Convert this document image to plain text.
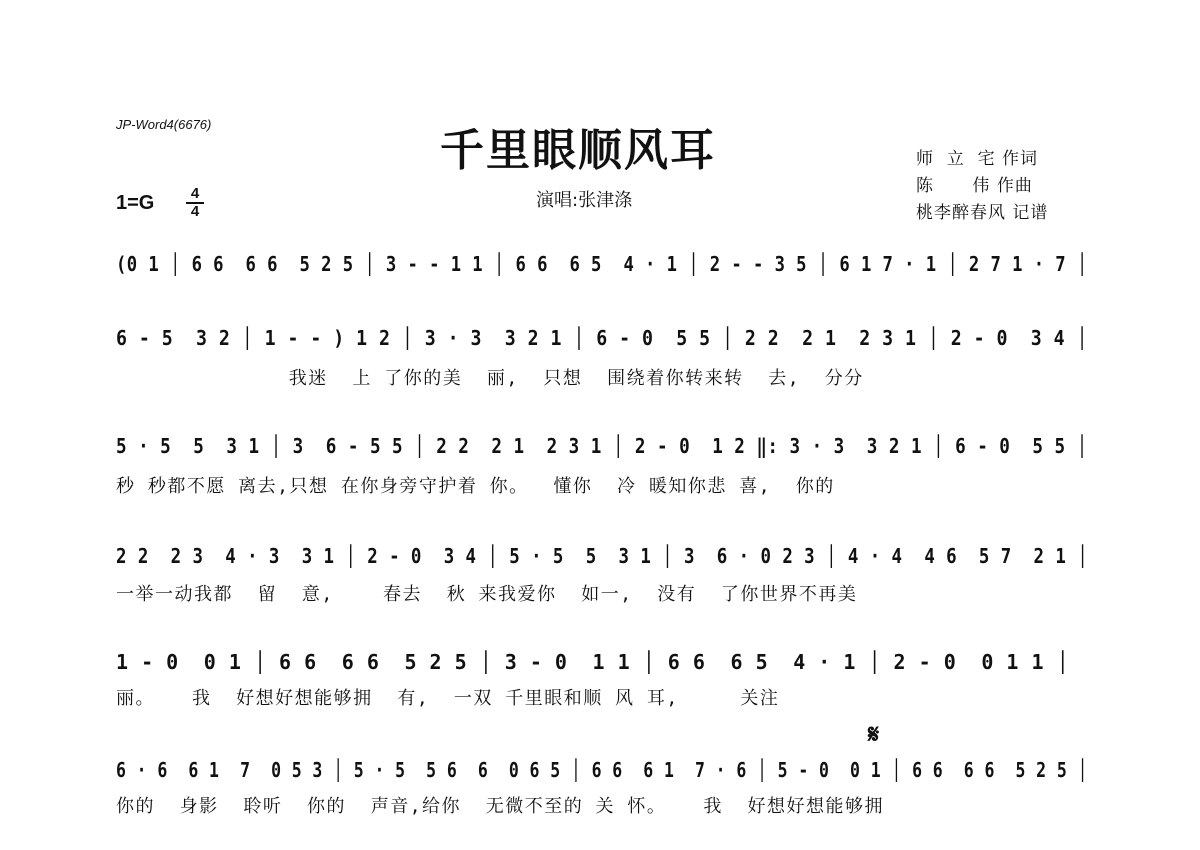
JP-Word4(6676)
千里眼顺风耳
演唱:张津涤
师  立  宅 作词
陈      伟 作曲
桃李醉春风 记谱
1=G	4
4
(0 1 │ 6 6  6 6  5 2 5 │ 3 - - 1 1 │ 6 6  6 5  4 · 1 │ 2 - - 3 5 │ 6 1 7 · 1 │ 2 7 1 · 7 │
6 - 5  3 2 │ 1 - - ) 1 2 │ 3 · 3  3 2 1 │ 6 - 0  5 5 │ 2 2  2 1  2 3 1 │ 2 - 0  3 4 │
我迷  上 了你的美  丽,  只想  围绕着你转来转  去,  分分
5 · 5  5  3 1 │ 3  6 - 5 5 │ 2 2  2 1  2 3 1 │ 2 - 0  1 2 ‖: 3 · 3  3 2 1 │ 6 - 0  5 5 │
秒 秒都不愿 离去,只想 在你身旁守护着 你。  懂你  冷 暖知你悲 喜,  你的
2 2  2 3  4 · 3  3 1 │ 2 - 0  3 4 │ 5 · 5  5  3 1 │ 3  6 · 0 2 3 │ 4 · 4  4 6  5 7  2 1 │
一举一动我都  留  意,    春去  秋 来我爱你  如一,  没有  了你世界不再美
1 - 0  0 1 │ 6 6  6 6  5 2 5 │ 3 - 0  1 1 │ 6 6  6 5  4 · 1 │ 2 - 0  0 1 1 │
丽。   我  好想好想能够拥  有,  一双 千里眼和顺 风 耳,     关注
𝄋
6 · 6  6 1  7  0 5 3 │ 5 · 5  5 6  6  0 6 5 │ 6 6  6 1  7 · 6 │ 5 - 0  0 1 │ 6 6  6 6  5 2 5 │
你的  身影  聆听  你的  声音,给你  无微不至的 关 怀。   我  好想好想能够拥
